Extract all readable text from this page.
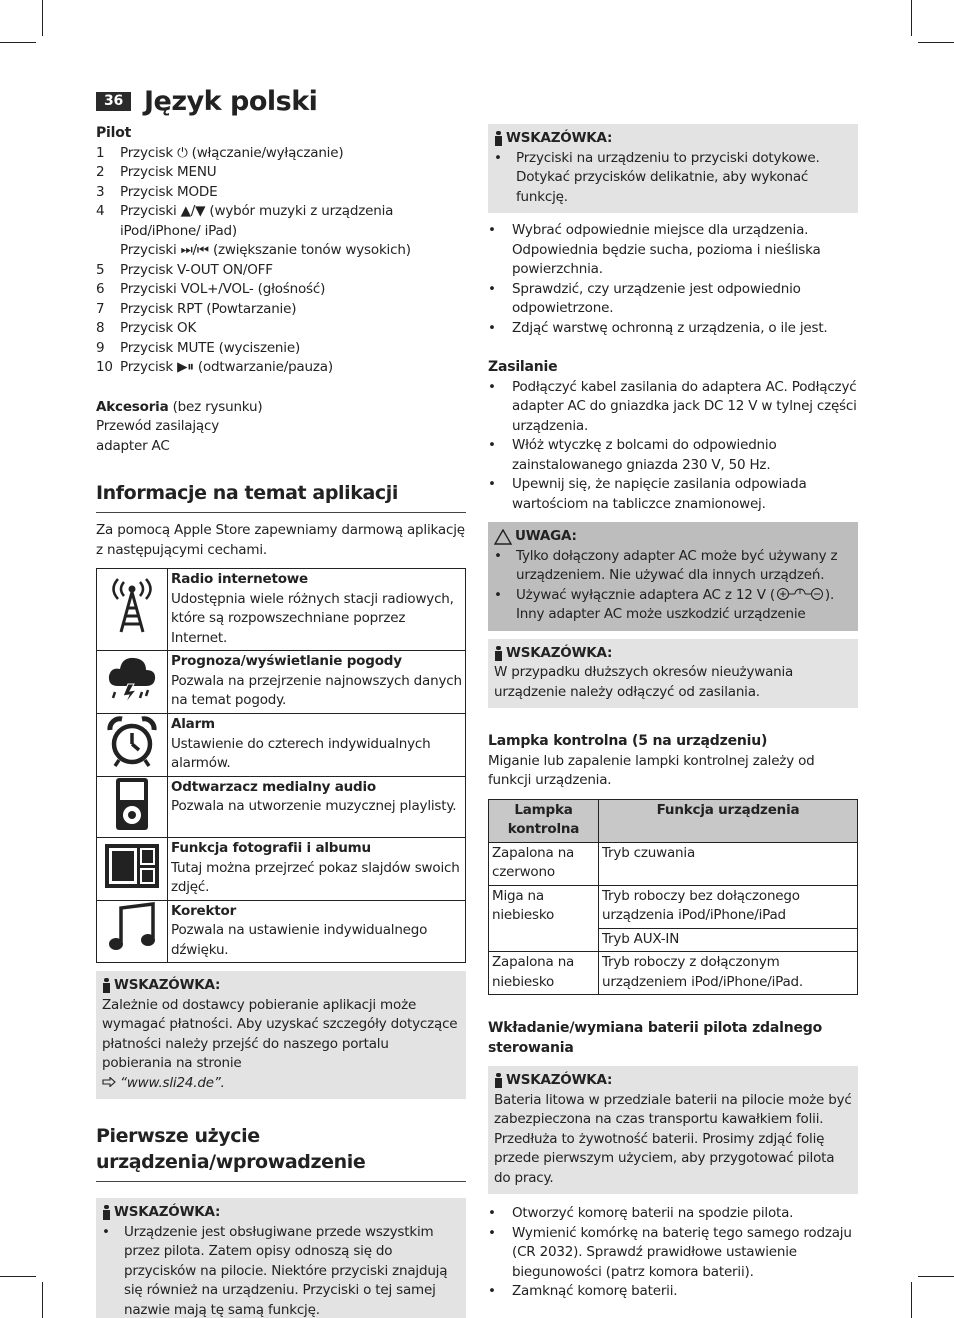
36 Język polski
Pilot
1 Przycisk ⏻ (włączanie/wyłączanie)
2 Przycisk MENU
3 Przycisk MODE
4 Przyciski ▲/▼ (wybór muzyki z urządzenia iPod/iPhone/ iPad)
Przyciski ⏭/⏮ (zwiększanie tonów wysokich)
5 Przycisk V-OUT ON/OFF
6 Przyciski VOL+/VOL- (głośność)
7 Przycisk RPT (Powtarzanie)
8 Przycisk OK
9 Przycisk MUTE (wyciszenie)
10 Przycisk ▶⏸ (odtwarzanie/pauza)
Akcesoria (bez rysunku)
Przewód zasilający
adapter AC
Informacje na temat aplikacji

Za pomocą Apple Store zapewniamy darmową aplikację z następującymi cechami.

	Radio internetowe
Udostępnia wiele różnych stacji radiowych, które są rozpowszechniane poprzez Internet.
	Prognoza/wyświetlanie pogody
Pozwala na przejrzenie najnowszych danych na temat pogody.
	Alarm
Ustawienie do czterech indywidualnych alarmów.
	Odtwarzacz medialny audio
Pozwala na utworzenie muzycznej playlisty.
	Funkcja fotografii i albumu
Tutaj można przejrzeć pokaz slajdów swoich zdjęć.
	Korektor
Pozwala na ustawienie indywidualnego dźwięku.
WSKAZÓWKA:
Zależnie od dostawcy pobieranie aplikacji może wymagać płatności. Aby uzyskać szczegóły dotyczące płatności należy przejść do naszego portalu pobierania na stronie
“www.sli24.de”.
Pierwsze użycie urządzenia/wprowadzenie
WSKAZÓWKA:
• Urządzenie jest obsługiwane przede wszystkim przez pilota. Zatem opisy odnoszą się do przycisków na pilocie. Niektóre przyciski znajdują się również na urządzeniu. Przyciski o tej samej nazwie mają tę samą funkcję.
WSKAZÓWKA:
• Przyciski na urządzeniu to przyciski dotykowe. Dotykać przycisków delikatnie, aby wykonać funkcję.
• Wybrać odpowiednie miejsce dla urządzenia. Odpowiednia będzie sucha, pozioma i nieśliska powierzchnia.
• Sprawdzić, czy urządzenie jest odpowiednio odpowietrzone.
• Zdjąć warstwę ochronną z urządzenia, o ile jest.
Zasilanie
• Podłączyć kabel zasilania do adaptera AC. Podłączyć adapter AC do gniazdka jack DC 12 V w tylnej części urządzenia.
• Włóż wtyczkę z bolcami do odpowiednio zainstalowanego gniazda 230 V, 50 Hz.
• Upewnij się, że napięcie zasilania odpowiada wartościom na tabliczce znamionowej.
UWAGA:
• Tylko dołączony adapter AC może być używany z urządzeniem. Nie używać dla innych urządzeń.
• Używać wyłącznie adaptera AC z 12 V (	).
Inny adapter AC może uszkodzić urządzenie
WSKAZÓWKA:
W przypadku dłuższych okresów nieużywania urządzenie należy odłączyć od zasilania.
Lampka kontrolna (5 na urządzeniu)

Miganie lub zapalenie lampki kontrolnej zależy od funkcji urządzenia.

Lampka kontrolna	Funkcja urządzenia
Zapalona na czerwono	Tryb czuwania
Miga na niebiesko	Tryb roboczy bez dołączonego urządzenia iPod/iPhone/iPad
	Tryb AUX-IN
Zapalona na niebiesko	Tryb roboczy z dołączonym urządzeniem iPod/iPhone/iPad.
Wkładanie/wymiana baterii pilota zdalnego sterowania
WSKAZÓWKA:
Bateria litowa w przedziale baterii na pilocie może być zabezpieczona na czas transportu kawałkiem folii. Przedłuża to żywotność baterii. Prosimy zdjąć folię przede pierwszym użyciem, aby przygotować pilota do pracy.
• Otworzyć komorę baterii na spodzie pilota.
• Wymienić komórkę na baterię tego samego rodzaju (CR 2032). Sprawdź prawidłowe ustawienie biegunowości (patrz komora baterii).
• Zamknąć komorę baterii.
